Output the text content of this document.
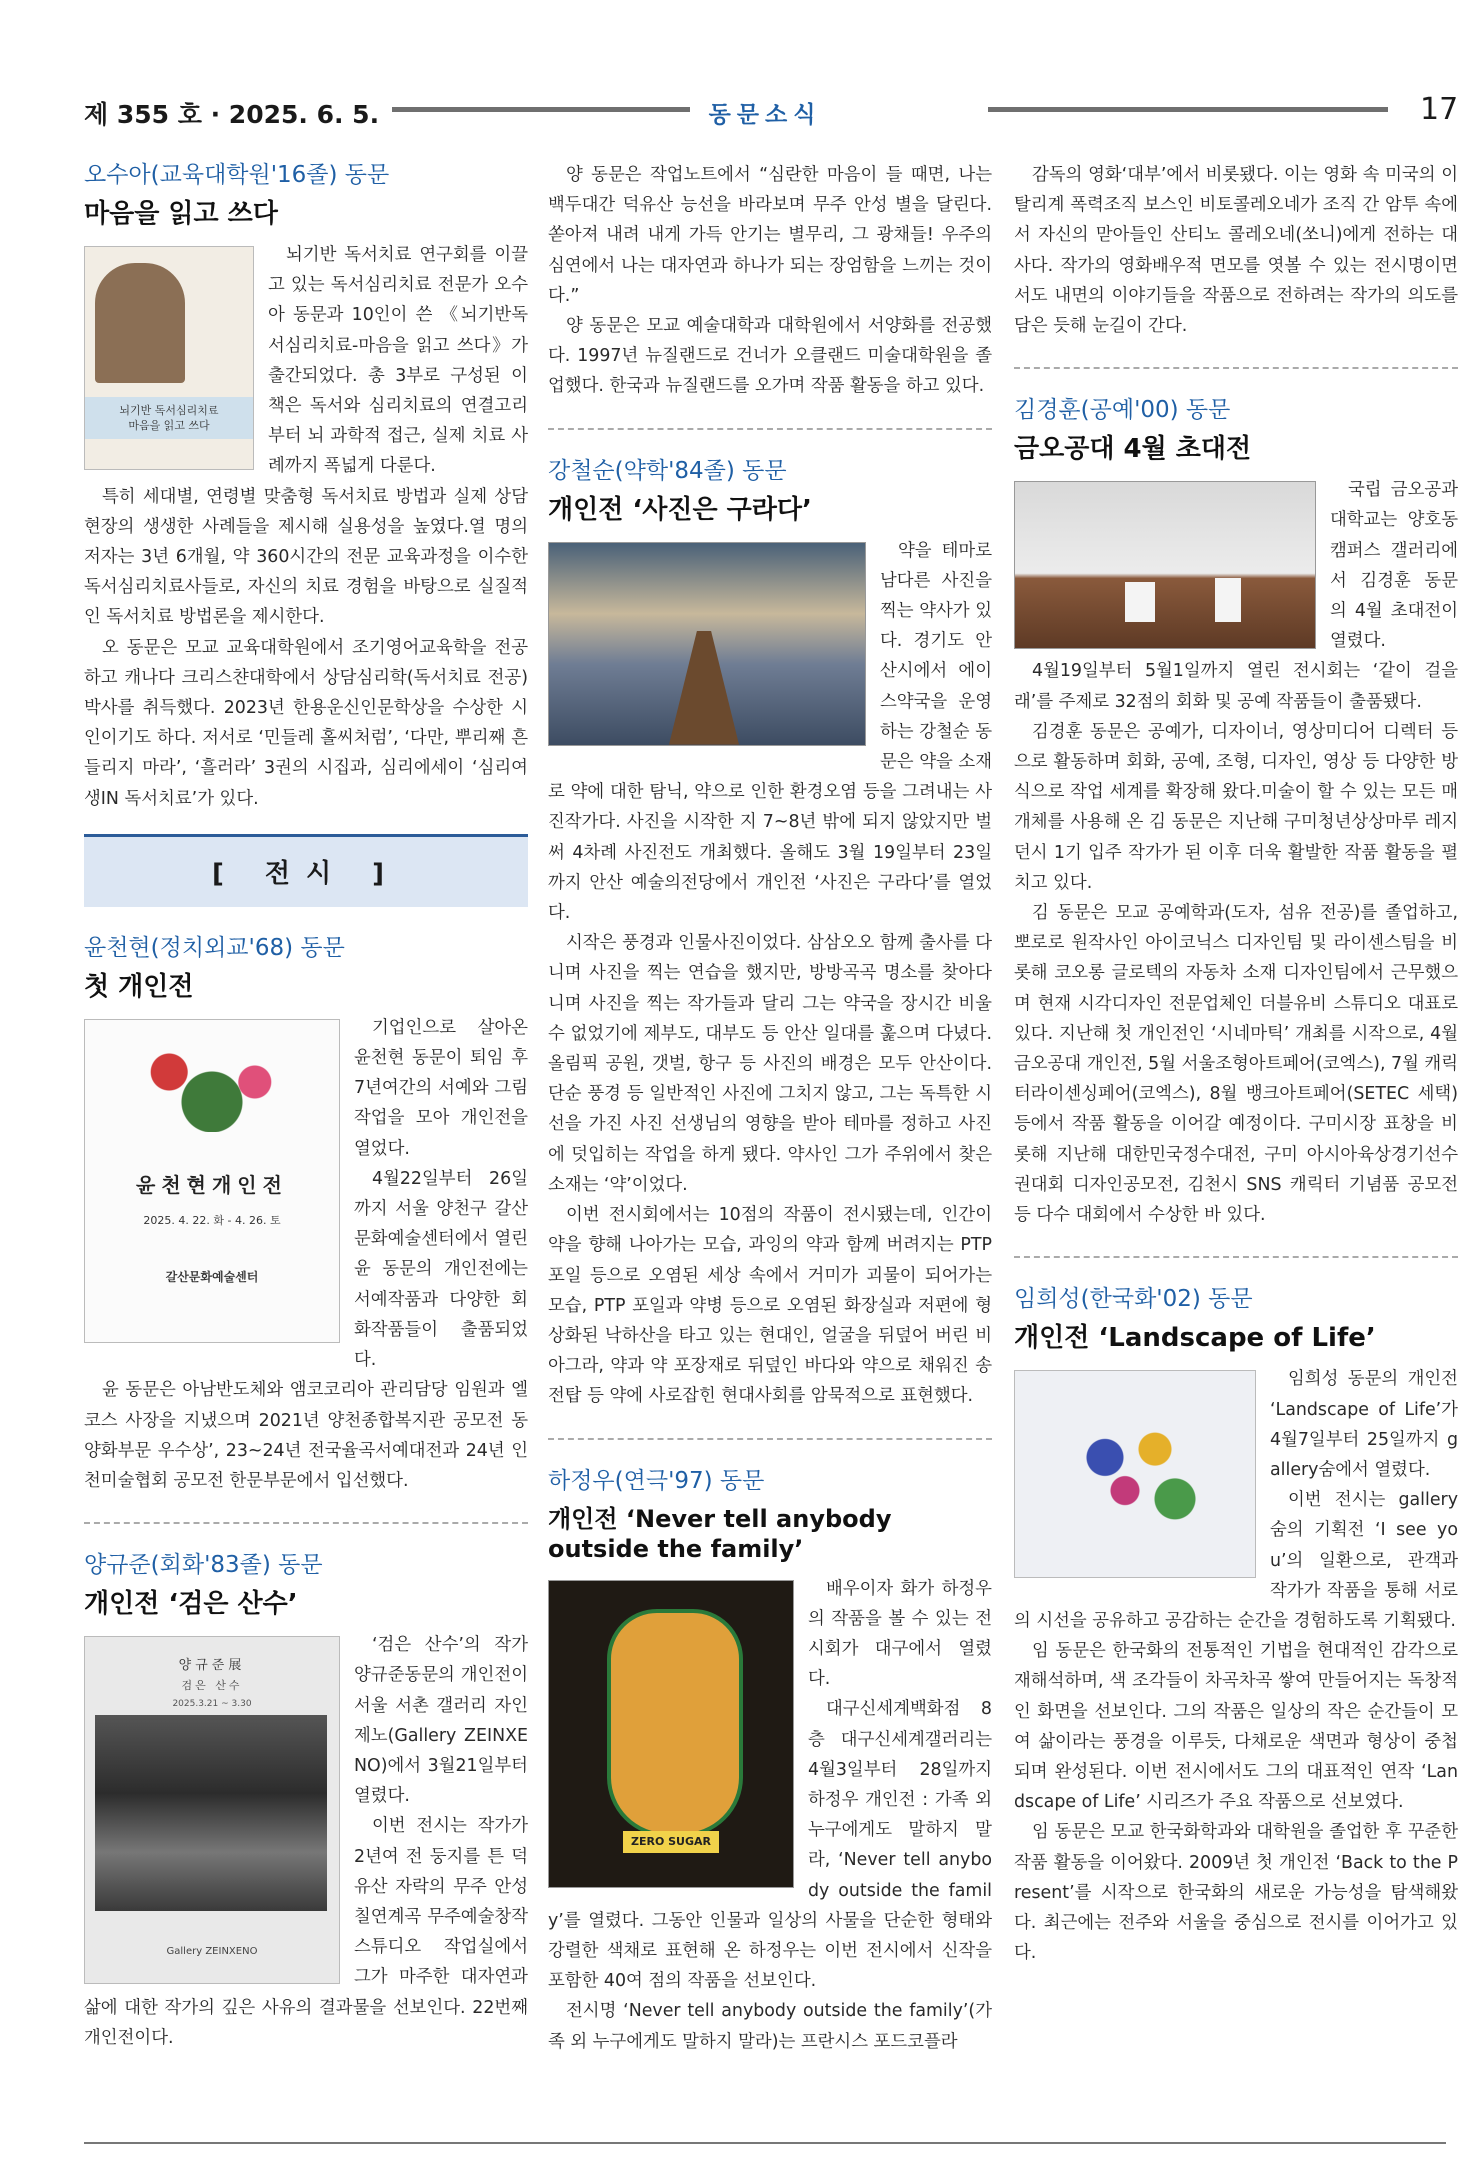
제 355 호 · 2025. 6. 5.	동문소식	17

오수아(교육대학원'16졸) 동문

마음을 읽고 쓰다
뇌기반 독서심리치료
마음을 읽고 쓰다

뇌기반 독서치료 연구회를 이끌고 있는 독서심리치료 전문가 오수아 동문과 10인이 쓴 《뇌기반독서심리치료-마음을 읽고 쓰다》가 출간되었다. 총 3부로 구성된 이 책은 독서와 심리치료의 연결고리부터 뇌 과학적 접근, 실제 치료 사례까지 폭넓게 다룬다.

특히 세대별, 연령별 맞춤형 독서치료 방법과 실제 상담 현장의 생생한 사례들을 제시해 실용성을 높였다.열 명의 저자는 3년 6개월, 약 360시간의 전문 교육과정을 이수한 독서심리치료사들로, 자신의 치료 경험을 바탕으로 실질적인 독서치료 방법론을 제시한다.

오 동문은 모교 교육대학원에서 조기영어교육학을 전공하고 캐나다 크리스챤대학에서 상담심리학(독서치료 전공) 박사를 취득했다. 2023년 한용운신인문학상을 수상한 시인이기도 하다. 저서로 ‘민들레 홀씨처럼’, ‘다만, 뿌리째 흔들리지 마라’, ‘흘러라’ 3권의 시집과, 심리에세이 ‘심리여생IN 독서치료’가 있다.

[ 전시 ]

윤천현(정치외교'68) 동문

첫 개인전
윤천현개인전
2025. 4. 22. 화 - 4. 26. 토
갈산문화예술센터

기업인으로 살아온 윤천현 동문이 퇴임 후 7년여간의 서예와 그림 작업을 모아 개인전을 열었다.

4월22일부터 26일까지 서울 양천구 갈산문화예술센터에서 열린 윤 동문의 개인전에는 서예작품과 다양한 회화작품들이 출품되었다.

윤 동문은 아남반도체와 앰코코리아 관리담당 임원과 엘코스 사장을 지냈으며 2021년 양천종합복지관 공모전 동양화부문 우수상’, 23~24년 전국율곡서예대전과 24년 인천미술협회 공모전 한문부문에서 입선했다.

양규준(회화'83졸) 동문

개인전 ‘검은 산수’
양규준展
검은 산수
2025.3.21 ~ 3.30
Gallery ZEINXENO

‘검은 산수’의 작가 양규준동문의 개인전이 서울 서촌 갤러리 자인제노(Gallery ZEINXENO)에서 3월21일부터 열렸다.

이번 전시는 작가가 2년여 전 둥지를 튼 덕유산 자락의 무주 안성 칠연계곡 무주예술창작스튜디오 작업실에서 그가 마주한 대자연과 삶에 대한 작가의 깊은 사유의 결과물을 선보인다. 22번째 개인전이다.

양 동문은 작업노트에서 “심란한 마음이 들 때면, 나는 백두대간 덕유산 능선을 바라보며 무주 안성 별을 달린다. 쏟아져 내려 내게 가득 안기는 별무리, 그 광채들! 우주의 심연에서 나는 대자연과 하나가 되는 장엄함을 느끼는 것이다.”

양 동문은 모교 예술대학과 대학원에서 서양화를 전공했다. 1997년 뉴질랜드로 건너가 오클랜드 미술대학원을 졸업했다. 한국과 뉴질랜드를 오가며 작품 활동을 하고 있다.

강철순(약학'84졸) 동문

개인전 ‘사진은 구라다’

약을 테마로 남다른 사진을 찍는 약사가 있다. 경기도 안산시에서 에이스약국을 운영하는 강철순 동문은 약을 소재로 약에 대한 탐닉, 약으로 인한 환경오염 등을 그려내는 사진작가다. 사진을 시작한 지 7~8년 밖에 되지 않았지만 벌써 4차례 사진전도 개최했다. 올해도 3월 19일부터 23일까지 안산 예술의전당에서 개인전 ‘사진은 구라다’를 열었다.

시작은 풍경과 인물사진이었다. 삼삼오오 함께 출사를 다니며 사진을 찍는 연습을 했지만, 방방곡곡 명소를 찾아다니며 사진을 찍는 작가들과 달리 그는 약국을 장시간 비울 수 없었기에 제부도, 대부도 등 안산 일대를 훑으며 다녔다. 올림픽 공원, 갯벌, 항구 등 사진의 배경은 모두 안산이다. 단순 풍경 등 일반적인 사진에 그치지 않고, 그는 독특한 시선을 가진 사진 선생님의 영향을 받아 테마를 정하고 사진에 덧입히는 작업을 하게 됐다. 약사인 그가 주위에서 찾은 소재는 ‘약’이었다.

이번 전시회에서는 10점의 작품이 전시됐는데, 인간이 약을 향해 나아가는 모습, 과잉의 약과 함께 버려지는 PTP 포일 등으로 오염된 세상 속에서 거미가 괴물이 되어가는 모습, PTP 포일과 약병 등으로 오염된 화장실과 저편에 형상화된 낙하산을 타고 있는 현대인, 얼굴을 뒤덮어 버린 비아그라, 약과 약 포장재로 뒤덮인 바다와 약으로 채워진 송전탑 등 약에 사로잡힌 현대사회를 암묵적으로 표현했다.

하정우(연극'97) 동문

개인전 ‘Never tell anybody outside the family’
ZERO SUGAR

배우이자 화가 하정우의 작품을 볼 수 있는 전시회가 대구에서 열렸다.

대구신세계백화점 8층 대구신세계갤러리는 4월3일부터 28일까지 하정우 개인전 : 가족 외 누구에게도 말하지 말라, ‘Never tell anybody outside the family’를 열렸다. 그동안 인물과 일상의 사물을 단순한 형태와 강렬한 색채로 표현해 온 하정우는 이번 전시에서 신작을 포함한 40여 점의 작품을 선보인다.

전시명 ‘Never tell anybody outside the family’(가족 외 누구에게도 말하지 말라)는 프란시스 포드코플라

감독의 영화‘대부’에서 비롯됐다. 이는 영화 속 미국의 이탈리계 폭력조직 보스인 비토콜레오네가 조직 간 암투 속에서 자신의 맏아들인 산티노 콜레오네(쏘니)에게 전하는 대사다. 작가의 영화배우적 면모를 엿볼 수 있는 전시명이면서도 내면의 이야기들을 작품으로 전하려는 작가의 의도를 담은 듯해 눈길이 간다.

김경훈(공예'00) 동문

금오공대 4월 초대전

국립 금오공과대학교는 양호동 캠퍼스 갤러리에서 김경훈 동문의 4월 초대전이 열렸다.

4월19일부터 5월1일까지 열린 전시회는 ‘같이 걸을래’를 주제로 32점의 회화 및 공예 작품들이 출품됐다.

김경훈 동문은 공예가, 디자이너, 영상미디어 디렉터 등으로 활동하며 회화, 공예, 조형, 디자인, 영상 등 다양한 방식으로 작업 세계를 확장해 왔다.미술이 할 수 있는 모든 매개체를 사용해 온 김 동문은 지난해 구미청년상상마루 레지던시 1기 입주 작가가 된 이후 더욱 활발한 작품 활동을 펼치고 있다.

김 동문은 모교 공예학과(도자, 섬유 전공)를 졸업하고, 뽀로로 원작사인 아이코닉스 디자인팀 및 라이센스팀을 비롯해 코오롱 글로텍의 자동차 소재 디자인팀에서 근무했으며 현재 시각디자인 전문업체인 더블유비 스튜디오 대표로 있다. 지난해 첫 개인전인 ‘시네마틱’ 개최를 시작으로, 4월 금오공대 개인전, 5월 서울조형아트페어(코엑스), 7월 캐릭터라이센싱페어(코엑스), 8월 뱅크아트페어(SETEC 세택) 등에서 작품 활동을 이어갈 예정이다. 구미시장 표창을 비롯해 지난해 대한민국정수대전, 구미 아시아육상경기선수권대회 디자인공모전, 김천시 SNS 캐릭터 기념품 공모전 등 다수 대회에서 수상한 바 있다.

임희성(한국화'02) 동문

개인전 ‘Landscape of Life’

임희성 동문의 개인전 ‘Landscape of Life’가 4월7일부터 25일까지 gallery숨에서 열렸다.

이번 전시는 gallery 숨의 기획전 ‘I see you’의 일환으로, 관객과 작가가 작품을 통해 서로의 시선을 공유하고 공감하는 순간을 경험하도록 기획됐다.

임 동문은 한국화의 전통적인 기법을 현대적인 감각으로 재해석하며, 색 조각들이 차곡차곡 쌓여 만들어지는 독창적인 화면을 선보인다. 그의 작품은 일상의 작은 순간들이 모여 삶이라는 풍경을 이루듯, 다채로운 색면과 형상이 중첩되며 완성된다. 이번 전시에서도 그의 대표적인 연작 ‘Landscape of Life’ 시리즈가 주요 작품으로 선보였다.

임 동문은 모교 한국화학과와 대학원을 졸업한 후 꾸준한 작품 활동을 이어왔다. 2009년 첫 개인전 ‘Back to the Present’를 시작으로 한국화의 새로운 가능성을 탐색해왔다. 최근에는 전주와 서울을 중심으로 전시를 이어가고 있다.
